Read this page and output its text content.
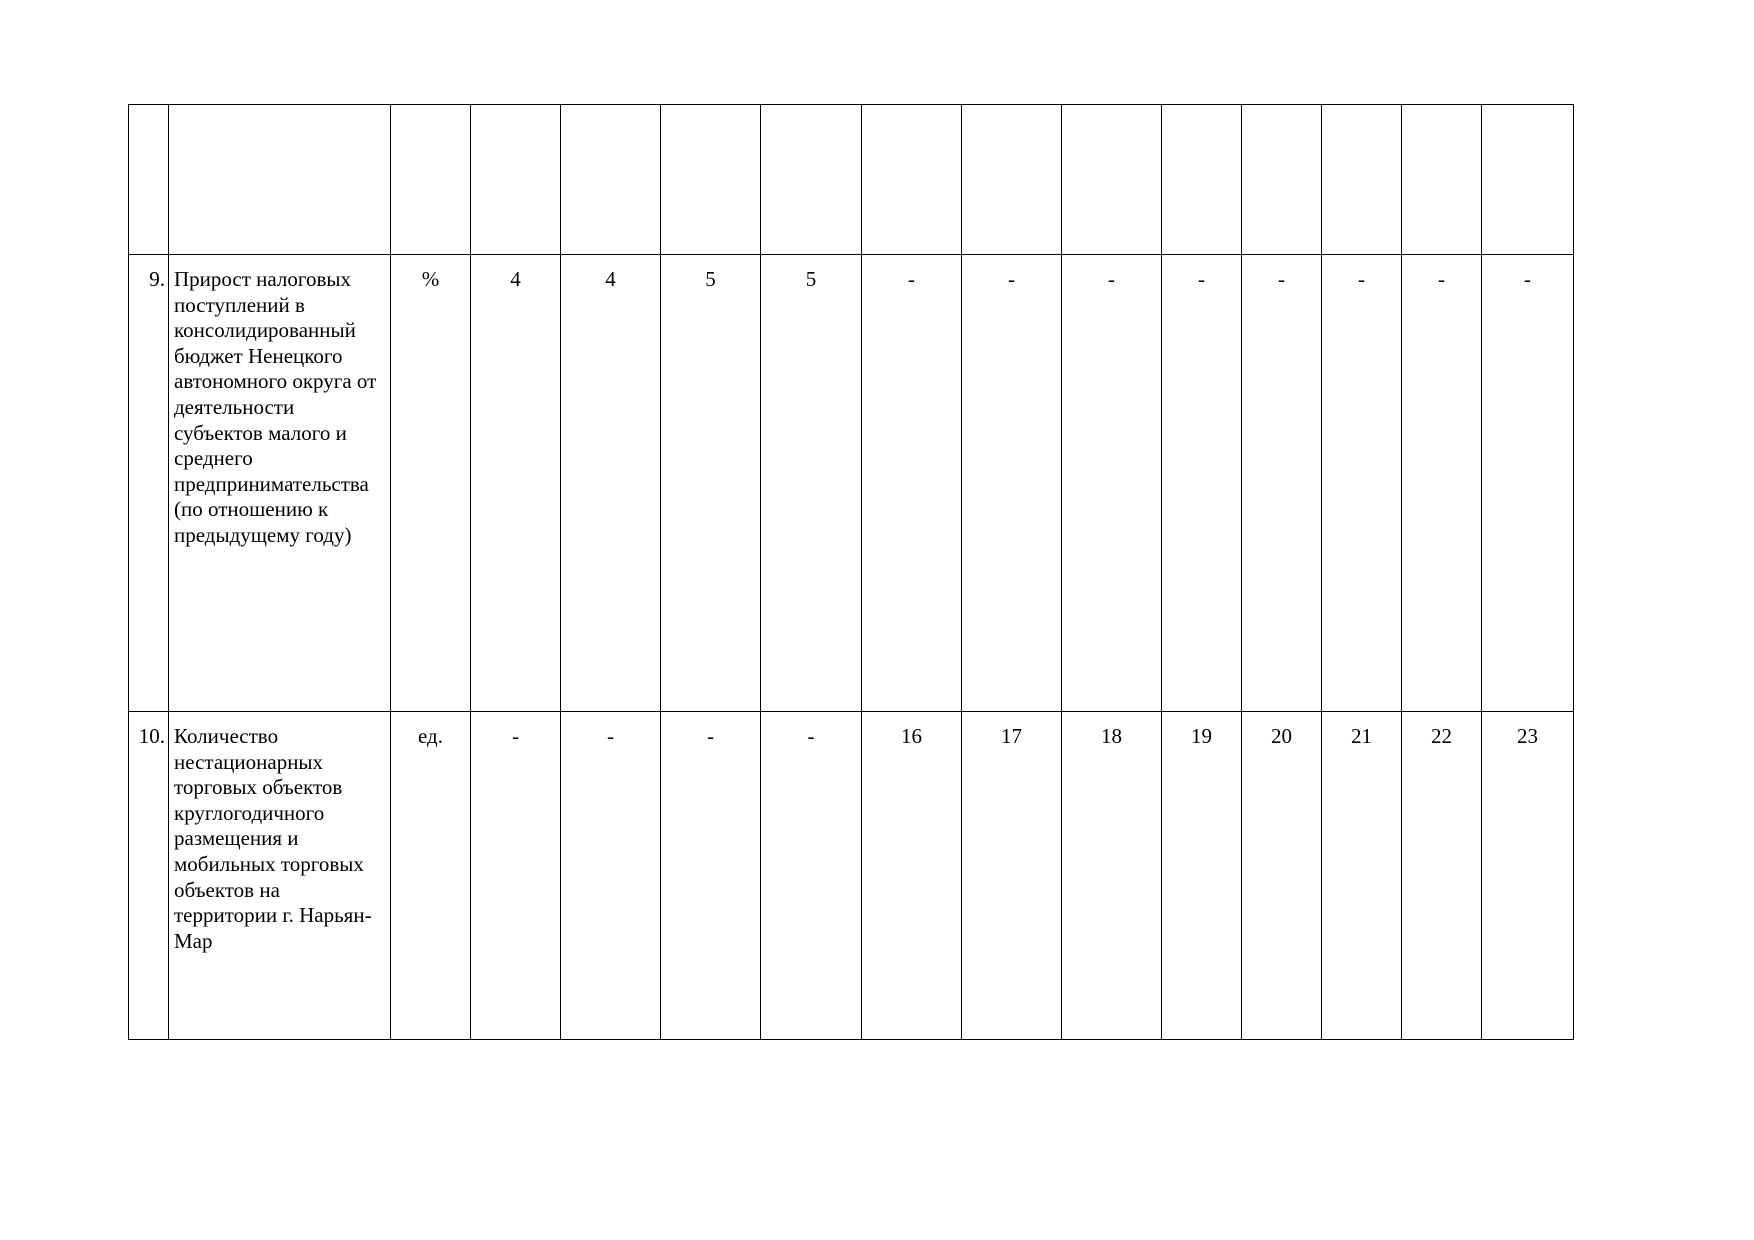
9.	Прирост налоговых поступлений в консолидированный бюджет Ненецкого автономного округа от деятельности субъектов малого и среднего предпринимательства (по отношению к предыдущему году)	%	4	4	5	5	-	-	-	-	-	-	-	-	
10.	Количество нестационарных торговых объектов круглогодичного размещения и мобильных торговых объектов на территории г. Нарьян-Мар	ед.	-	-	-	-	16	17	18	19	20	21	22	23	
